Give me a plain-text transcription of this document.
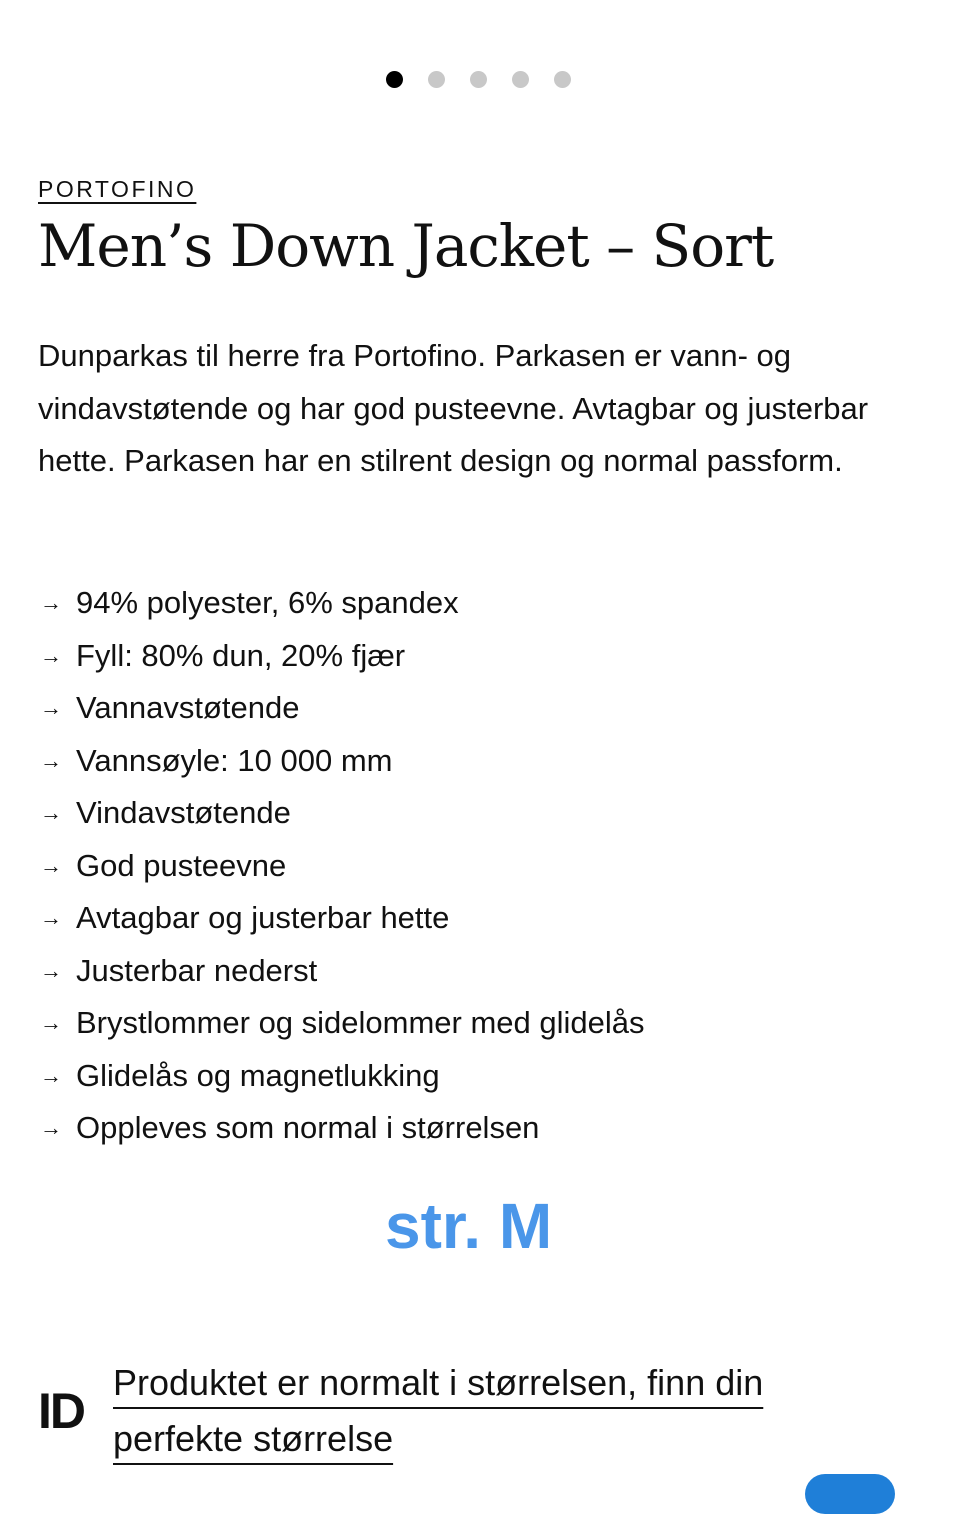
PORTOFINO
Men’s Down Jacket – Sort

Dunparkas til herre fra Portofino. Parkasen er vann- og vindavstøtende og har god pusteevne. Avtagbar og justerbar hette. Parkasen har en stilrent design og normal passform.

→ 94% polyester, 6% spandex
→ Fyll: 80% dun, 20% fjær
→ Vannavstøtende
→ Vannsøyle: 10 000 mm
→ Vindavstøtende
→ God pusteevne
→ Avtagbar og justerbar hette
→ Justerbar nederst
→ Brystlommer og sidelommer med glidelås
→ Glidelås og magnetlukking
→ Oppleves som normal i størrelsen
str. M
ID
Produktet er normalt i størrelsen, finn din perfekte størrelse
